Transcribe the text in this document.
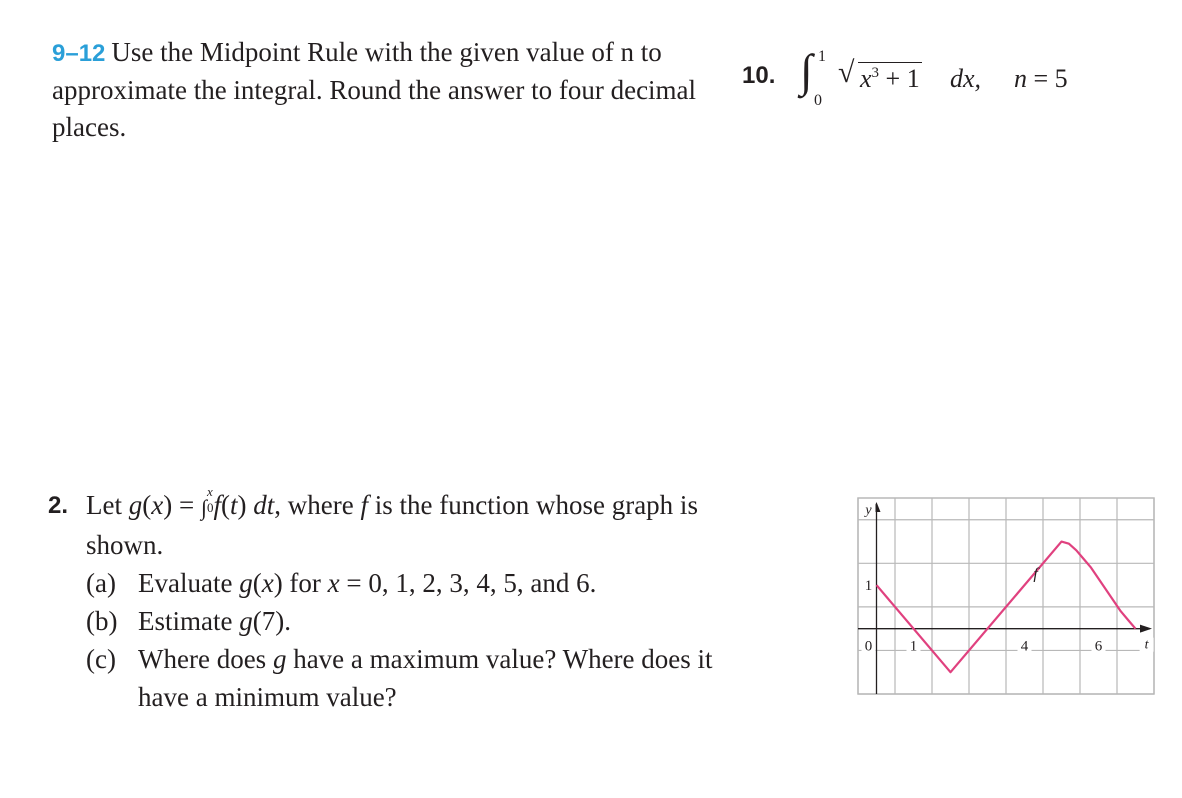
9–12 Use the Midpoint Rule with the given value of n to
approximate the integral. Round the answer to four decimal
places.
10. ∫ 1
0
√ $x^3 + 1$ dx, n = 5
2. Let g(x) = ∫
x
0 f(t) dt, where f is the function whose graph is
shown.
(a) Evaluate g(x) for x = 0, 1, 2, 3, 4, 5, and 6.
(b) Estimate g(7).
(c) Where does g have a maximum value? Where does it
have a minimum value?
y
1
0	1	4	6	t
f
